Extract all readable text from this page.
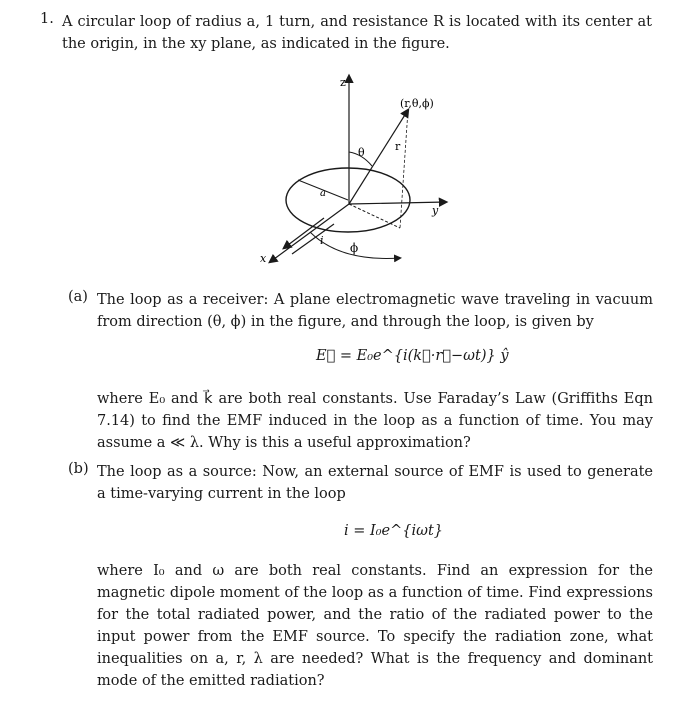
1. A circular loop of radius a, 1 turn, and resistance R is located with its center at the origin, in the xy plane, as indicated in the figure.
z
y
x
(r,θ,ϕ)
r
θ
ϕ
a
i
(a) The loop as a receiver: A plane electromagnetic wave traveling in vacuum from direction (θ, ϕ) in the figure, and through the loop, is given by
E⃗ = E₀e^{i(k⃗·r⃗−ωt)} ŷ
where E₀ and k⃗ are both real constants. Use Faraday’s Law (Griffiths Eqn 7.14) to find the EMF induced in the loop as a function of time. You may assume a ≪ λ. Why is this a useful approximation?
(b) The loop as a source: Now, an external source of EMF is used to generate a time-varying current in the loop
i = I₀e^{iωt}
where I₀ and ω are both real constants. Find an expression for the magnetic dipole moment of the loop as a function of time. Find expressions for the total radiated power, and the ratio of the radiated power to the input power from the EMF source. To specify the radiation zone, what inequalities on a, r, λ are needed? What is the frequency and dominant mode of the emitted radiation?
